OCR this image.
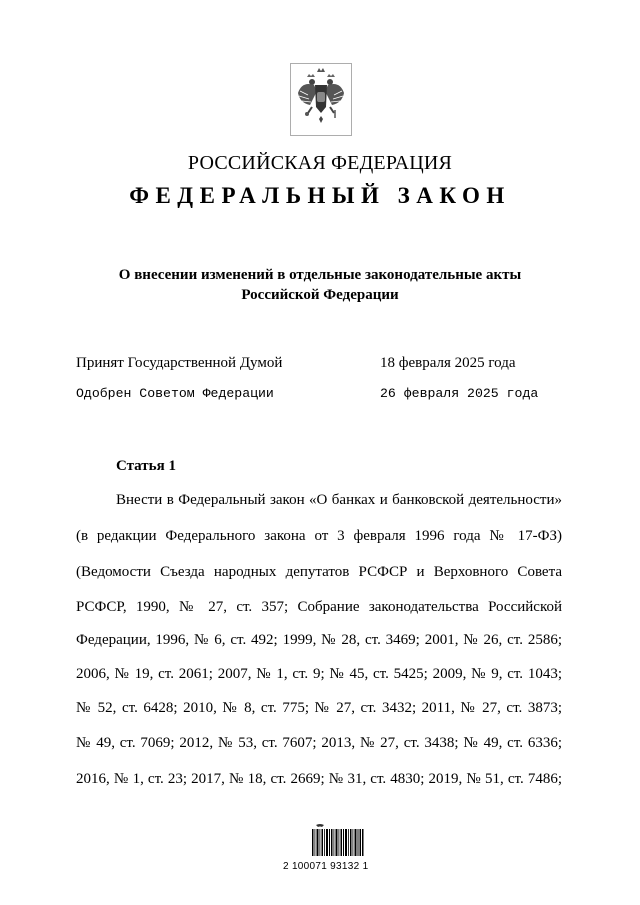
РОССИЙСКАЯ ФЕДЕРАЦИЯ
ФЕДЕРАЛЬНЫЙ ЗАКОН
О внесении изменений в отдельные законодательные акты
Российской Федерации
Принят Государственной Думой	18 февраля 2025 года
Одобрен Советом Федерации	26 февраля 2025 года
Статья 1
Внести в Федеральный закон «О банках и банковской деятельности»
(в редакции Федерального закона от 3 февраля 1996 года № 17-ФЗ)
(Ведомости Съезда народных депутатов РСФСР и Верховного Совета
РСФСР, 1990, № 27, ст. 357; Собрание законодательства Российской
Федерации, 1996, № 6, ст. 492; 1999, № 28, ст. 3469; 2001, № 26, ст. 2586;
2006, № 19, ст. 2061; 2007, № 1, ст. 9; № 45, ст. 5425; 2009, № 9, ст. 1043;
№ 52, ст. 6428; 2010, № 8, ст. 775; № 27, ст. 3432; 2011, № 27, ст. 3873;
№ 49, ст. 7069; 2012, № 53, ст. 7607; 2013, № 27, ст. 3438; № 49, ст. 6336;
2016, № 1, ст. 23; 2017, № 18, ст. 2669; № 31, ст. 4830; 2019, № 51, ст. 7486;
2 100071 93132 1
